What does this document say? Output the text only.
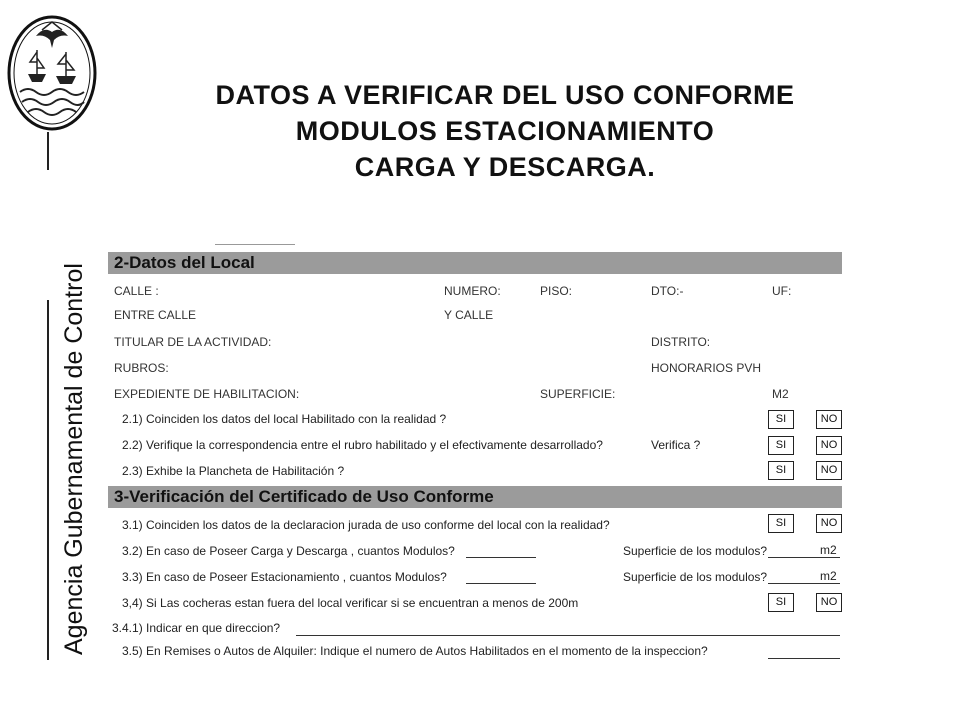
Agencia Gubernamental de Control
DATOS A VERIFICAR DEL USO CONFORME
MODULOS ESTACIONAMIENTO
CARGA Y DESCARGA.
2-Datos del Local
CALLE :	NUMERO:	PISO:	DTO:-	UF:
ENTRE CALLE	Y CALLE
TITULAR DE LA ACTIVIDAD:	DISTRITO:
RUBROS:	HONORARIOS PVH
EXPEDIENTE DE HABILITACION:	SUPERFICIE:	M2
2.1) Coinciden los datos del local Habilitado con la realidad ?	SI	NO
2.2) Verifique la correspondencia entre el rubro habilitado y el efectivamente desarrollado?	Verifica ?	SI	NO
2.3) Exhibe la Plancheta de Habilitación ?	SI	NO
3-Verificación del Certificado de Uso Conforme
3.1) Coinciden los datos de la declaracion jurada de uso conforme del local con la realidad?	SI	NO
3.2) En caso de Poseer Carga y Descarga , cuantos Modulos?	Superficie de los modulos?	m2
3.3) En caso de Poseer Estacionamiento , cuantos Modulos?	Superficie de los modulos?	m2
3,4) Si Las cocheras estan fuera del local verificar si se encuentran a menos de 200m	SI	NO
3.4.1) Indicar en que direccion?
3.5) En Remises o Autos de Alquiler: Indique el numero de Autos Habilitados en el momento de la inspeccion?
